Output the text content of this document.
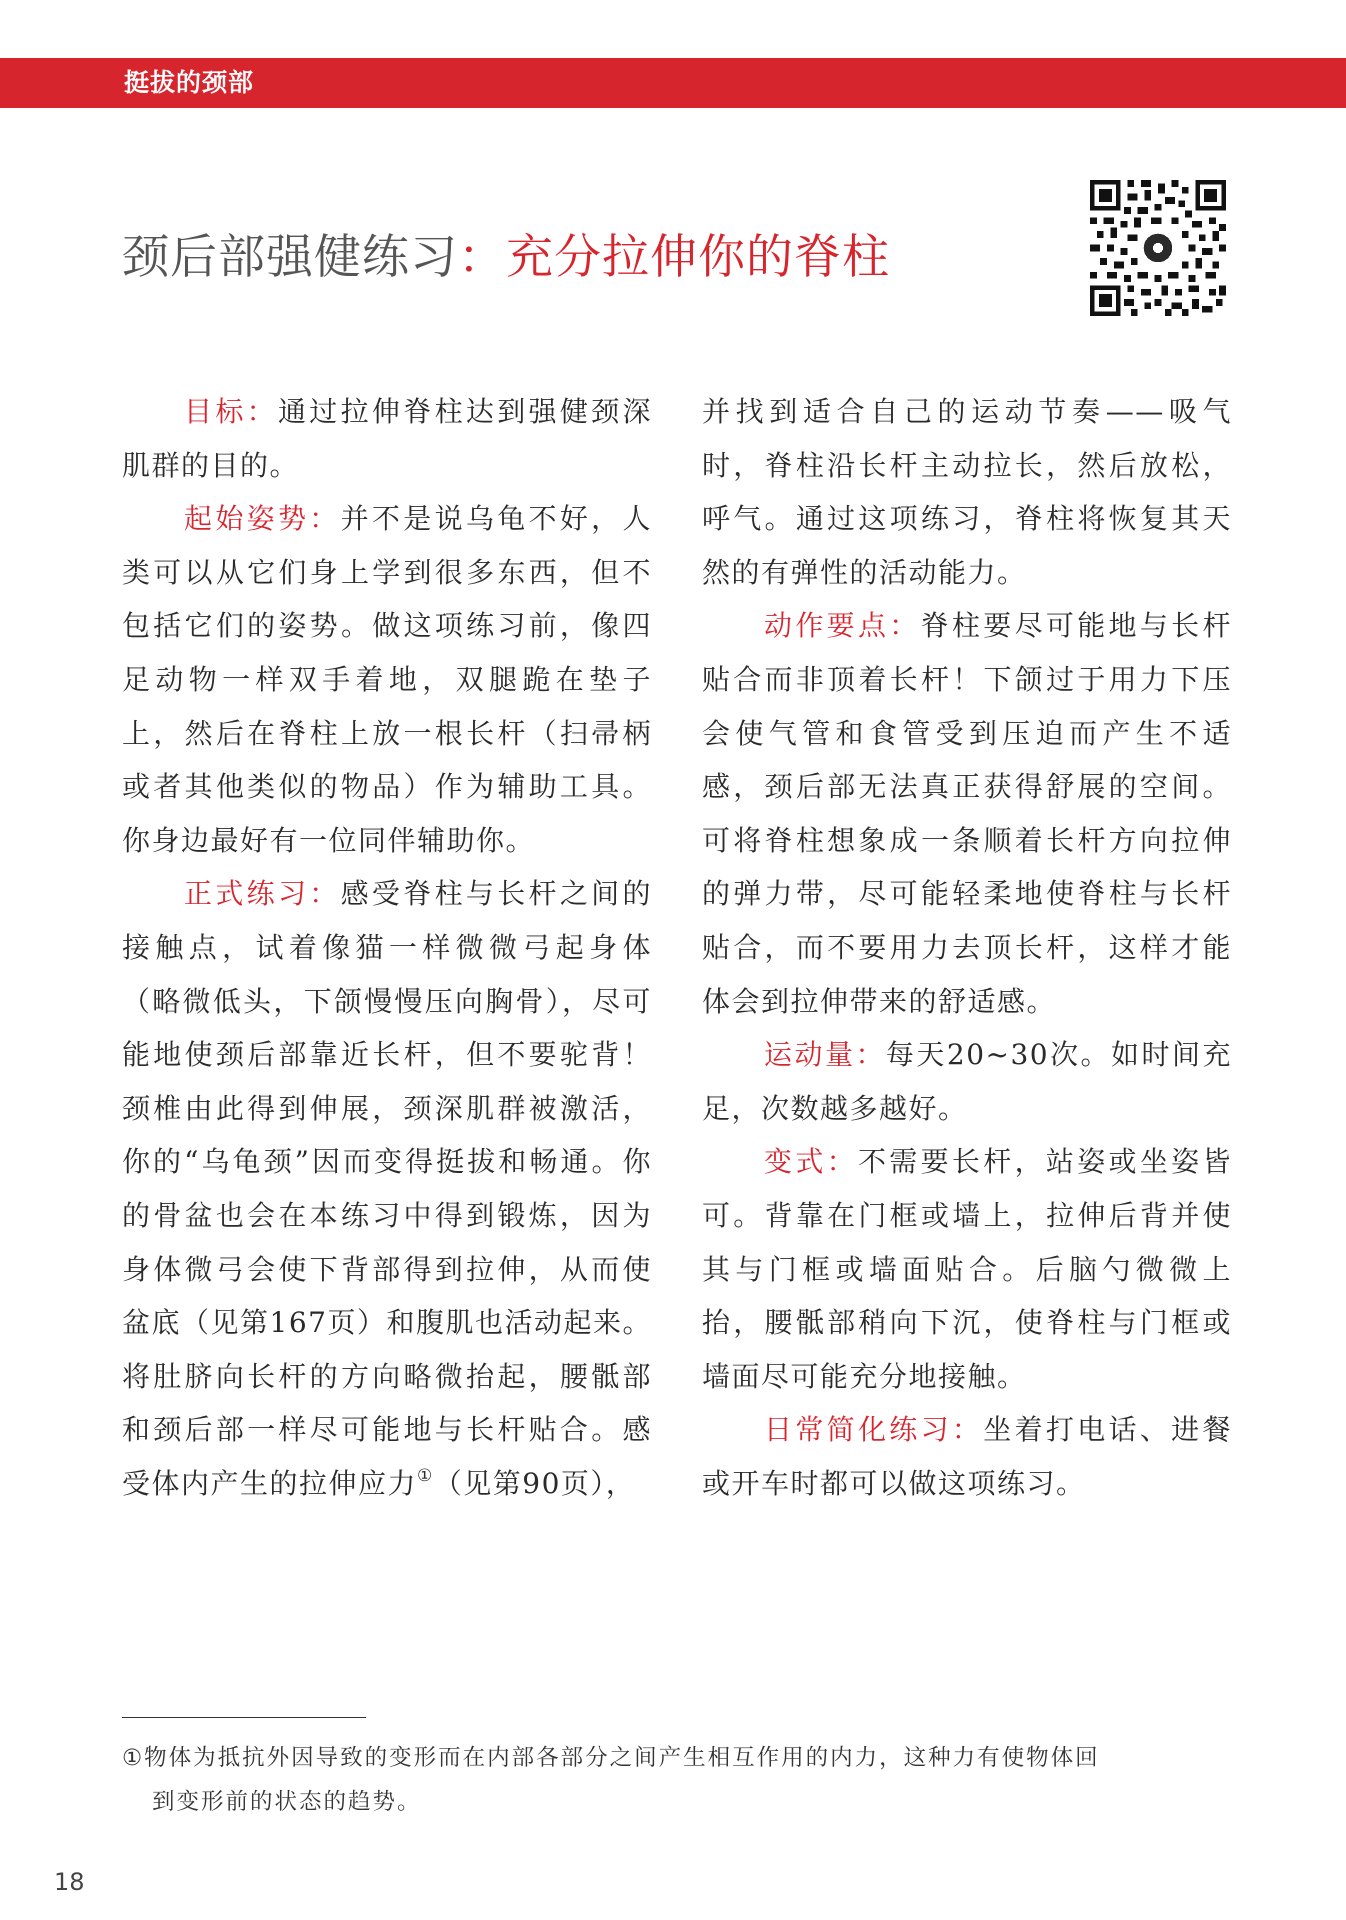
挺拔的颈部
颈后部强健练习：充分拉伸你的脊柱

目标：通过拉伸脊柱达到强健颈深肌群的目的。

起始姿势：并不是说乌龟不好，人类可以从它们身上学到很多东西，但不包括它们的姿势。做这项练习前，像四足动物一样双手着地，双腿跪在垫子上，然后在脊柱上放一根长杆（扫帚柄或者其他类似的物品）作为辅助工具。你身边最好有一位同伴辅助你。

正式练习：感受脊柱与长杆之间的接触点，试着像猫一样微微弓起身体（略微低头，下颌慢慢压向胸骨），尽可能地使颈后部靠近长杆，但不要驼背！颈椎由此得到伸展，颈深肌群被激活，你的“乌龟颈”因而变得挺拔和畅通。你的骨盆也会在本练习中得到锻炼，因为身体微弓会使下背部得到拉伸，从而使盆底（见第167页）和腹肌也活动起来。将肚脐向长杆的方向略微抬起，腰骶部和颈后部一样尽可能地与长杆贴合。感受体内产生的拉伸应力①（见第90页），

并找到适合自己的运动节奏——吸气时，脊柱沿长杆主动拉长，然后放松，呼气。通过这项练习，脊柱将恢复其天然的有弹性的活动能力。

动作要点：脊柱要尽可能地与长杆贴合而非顶着长杆！下颌过于用力下压会使气管和食管受到压迫而产生不适感，颈后部无法真正获得舒展的空间。可将脊柱想象成一条顺着长杆方向拉伸的弹力带，尽可能轻柔地使脊柱与长杆贴合，而不要用力去顶长杆，这样才能体会到拉伸带来的舒适感。

运动量：每天20~30次。如时间充足，次数越多越好。

变式：不需要长杆，站姿或坐姿皆可。背靠在门框或墙上，拉伸后背并使其与门框或墙面贴合。后脑勺微微上抬，腰骶部稍向下沉，使脊柱与门框或墙面尽可能充分地接触。

日常简化练习：坐着打电话、进餐或开车时都可以做这项练习。

①物体为抵抗外因导致的变形而在内部各部分之间产生相互作用的内力，这种力有使物体回
到变形前的状态的趋势。
18
